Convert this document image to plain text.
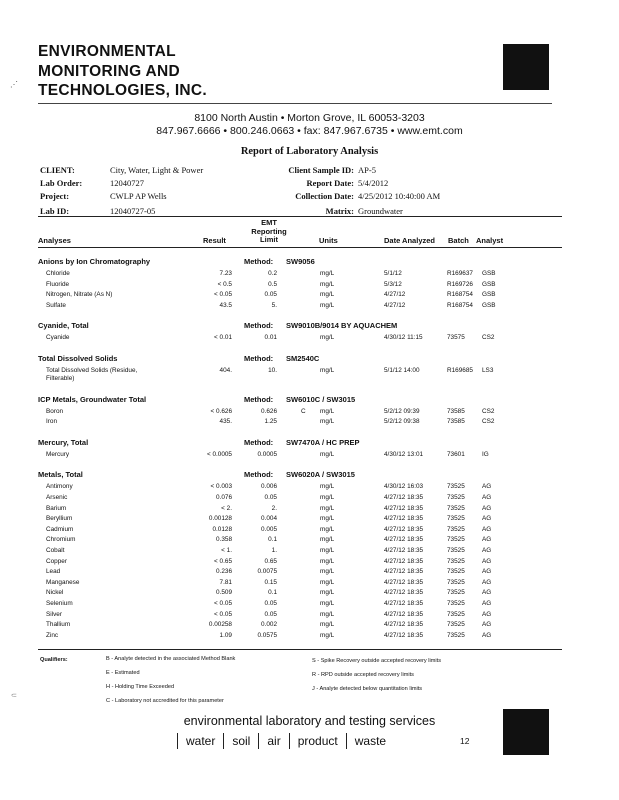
ENVIRONMENTAL
MONITORING AND
TECHNOLOGIES, INC.
⋰
8100 North Austin • Morton Grove, IL 60053-3203
847.967.6666 • 800.246.0663 • fax: 847.967.6735 • www.emt.com
Report of Laboratory Analysis
CLIENT:	City, Water, Light & Power
Lab Order:	12040727
Project:	CWLP AP Wells
Lab ID:	12040727-05
Client Sample ID: AP-5
Report Date: 5/4/2012
Collection Date: 4/25/2012 10:40:00 AM
Matrix: Groundwater
Analyses	Result
EMT
Reporting
Limit	Units	Date Analyzed Batch Analyst
Anions by Ion Chromatography	Method: SW9056
Chloride	7.23	0.2	mg/L	5/1/12	R169637 GSB
Fluoride	< 0.5	0.5	mg/L	5/3/12	R169726 GSB
Nitrogen, Nitrate (As N)	< 0.05	0.05	mg/L	4/27/12	R168754 GSB
Sulfate	43.5	5.	mg/L	4/27/12	R168754 GSB
Cyanide, Total	Method: SW9010B/9014 BY AQUACHEM
Cyanide	< 0.01	0.01	mg/L	4/30/12 11:15	73575	CS2
Total Dissolved Solids	Method: SM2540C
Total Dissolved Solids (Residue,	404.	10.	mg/L	5/1/12 14:00	R169685 LS3
Filterable)
ICP Metals, Groundwater Total	Method: SW6010C / SW3015
Boron	< 0.626	0.626	C mg/L	5/2/12 09:39	73585	CS2
Iron	435.	1.25	mg/L	5/2/12 09:38	73585	CS2
Mercury, Total	Method: SW7470A / HC PREP
Mercury	< 0.0005	0.0005	mg/L	4/30/12 13:01	73601	IG
Metals, Total	Method: SW6020A / SW3015
Antimony	< 0.003	0.006	mg/L	4/30/12 16:03	73525	AG
Arsenic	0.076	0.05	mg/L	4/27/12 18:35	73525	AG
Barium	< 2.	2.	mg/L	4/27/12 18:35	73525	AG
Beryllium	0.00128	0.004	mg/L	4/27/12 18:35	73525	AG
Cadmium	0.0128	0.005	mg/L	4/27/12 18:35	73525	AG
Chromium	0.358	0.1	mg/L	4/27/12 18:35	73525	AG
Cobalt	< 1.	1.	mg/L	4/27/12 18:35	73525	AG
Copper	< 0.65	0.65	mg/L	4/27/12 18:35	73525	AG
Lead	0.236	0.0075	mg/L	4/27/12 18:35	73525	AG
Manganese	7.81	0.15	mg/L	4/27/12 18:35	73525	AG
Nickel	0.509	0.1	mg/L	4/27/12 18:35	73525	AG
Selenium	< 0.05	0.05	mg/L	4/27/12 18:35	73525	AG
Silver	< 0.05	0.05	mg/L	4/27/12 18:35	73525	AG
Thallium	0.00258	0.002	mg/L	4/27/12 18:35	73525	AG
Zinc	1.09	0.0575	mg/L	4/27/12 18:35	73525	AG
Qualifiers:	B - Analyte detected in the associated Method Blank
E - Estimated
H - Holding Time Exceeded
C - Laboratory not accredited for this parameter
S - Spike Recovery outside accepted recovery limits
R - RPD outside accepted recovery limits
J - Analyte detected below quantitation limits
⸦
environmental laboratory and testing services
water	soil	air	product	waste	12
